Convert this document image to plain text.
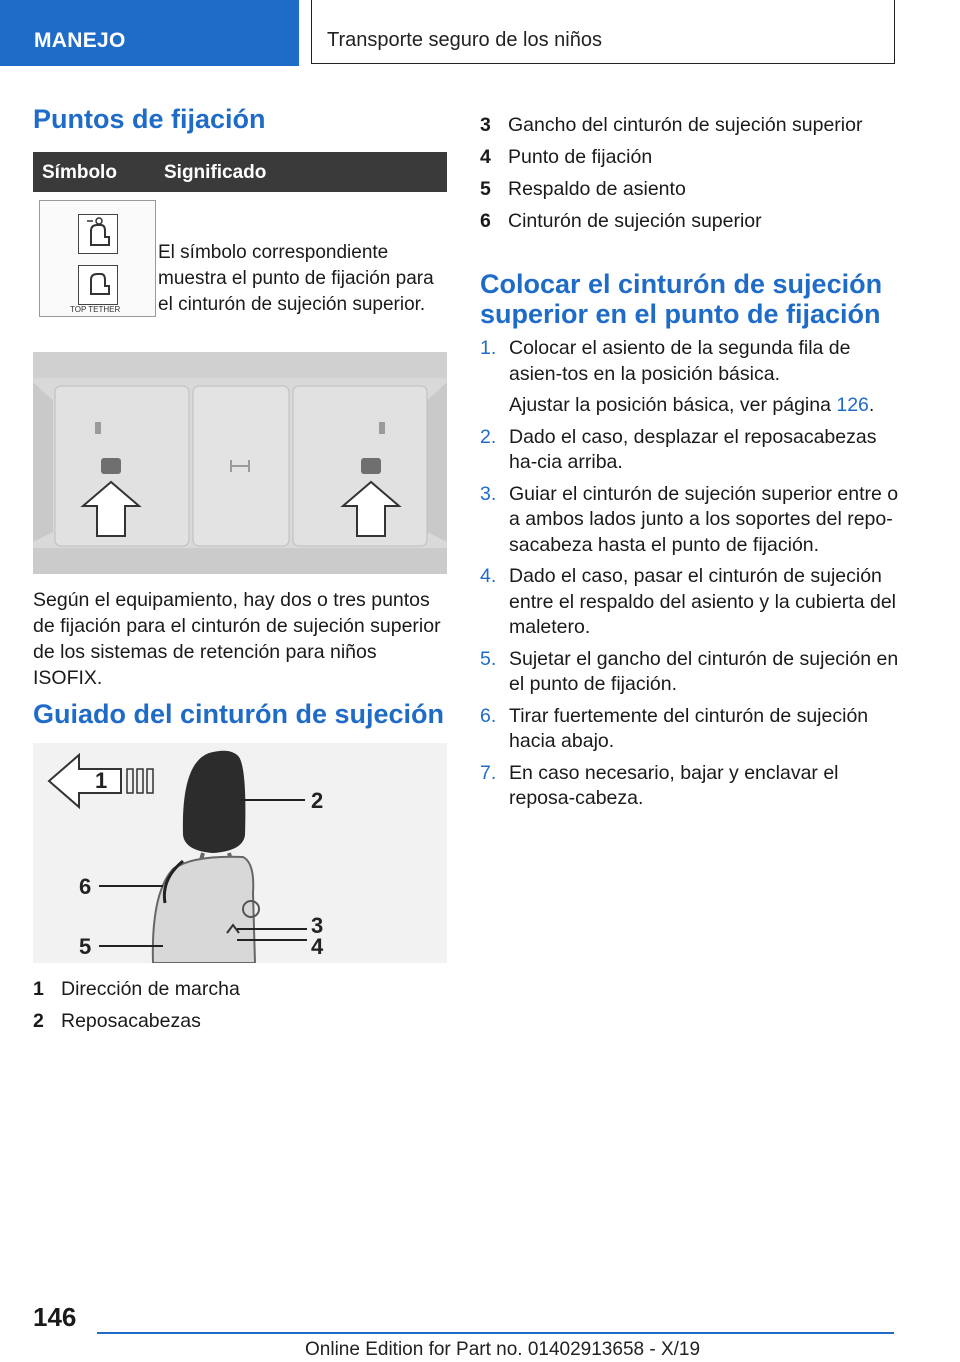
MANEJO	Transporte seguro de los niños
Puntos de fijación
Símbolo Significado
TOP TETHER
El símbolo correspondiente muestra el punto de fijación para el cinturón de sujeción superior.
Según el equipamiento, hay dos o tres puntos de fijación para el cinturón de sujeción superior de los sistemas de retención para niños ISOFIX.
Guiado del cinturón de sujeción
1
2
3
4
5
6
1 Dirección de marcha
2 Reposacabezas
3 Gancho del cinturón de sujeción superior
4 Punto de fijación
5 Respaldo de asiento
6 Cinturón de sujeción superior
Colocar el cinturón de sujeción superior en el punto de fijación
1. Colocar el asiento de la segunda fila de asien-tos en la posición básica.
Ajustar la posición básica, ver página 126.
2. Dado el caso, desplazar el reposacabezas ha-cia arriba.
3. Guiar el cinturón de sujeción superior entre o a ambos lados junto a los soportes del repo-sacabeza hasta el punto de fijación.
4. Dado el caso, pasar el cinturón de sujeción entre el respaldo del asiento y la cubierta del maletero.
5. Sujetar el gancho del cinturón de sujeción en el punto de fijación.
6. Tirar fuertemente del cinturón de sujeción hacia abajo.
7. En caso necesario, bajar y enclavar el reposa-cabeza.
146
Online Edition for Part no. 01402913658 - X/19
